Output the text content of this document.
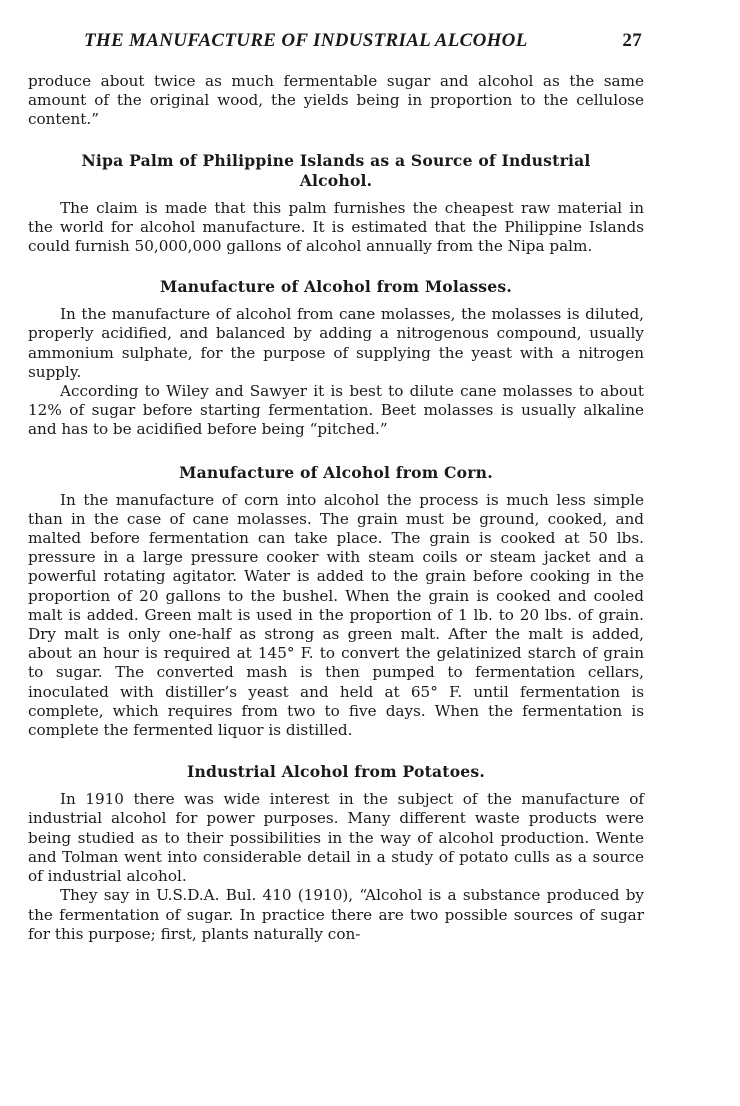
THE MANUFACTURE OF INDUSTRIAL ALCOHOL	27

produce about twice as much fermentable sugar and alcohol as the same amount of the original wood, the yields being in proportion to the cellulose content.”

Nipa Palm of Philippine Islands as a Source of Industrial Alcohol.

The claim is made that this palm furnishes the cheapest raw material in the world for alcohol manufacture. It is estimated that the Philippine Islands could furnish 50,000,000 gallons of alcohol annually from the Nipa palm.

Manufacture of Alcohol from Molasses.

In the manufacture of alcohol from cane molasses, the molasses is diluted, properly acidified, and balanced by adding a nitrogenous compound, usually ammonium sulphate, for the purpose of supplying the yeast with a nitrogen supply.

According to Wiley and Sawyer it is best to dilute cane molasses to about 12% of sugar before starting fermentation. Beet molasses is usually alkaline and has to be acidified before being “pitched.”

Manufacture of Alcohol from Corn.

In the manufacture of corn into alcohol the process is much less simple than in the case of cane molasses. The grain must be ground, cooked, and malted before fermentation can take place. The grain is cooked at 50 lbs. pressure in a large pressure cooker with steam coils or steam jacket and a powerful rotating agitator. Water is added to the grain before cooking in the proportion of 20 gallons to the bushel. When the grain is cooked and cooled malt is added. Green malt is used in the proportion of 1 lb. to 20 lbs. of grain. Dry malt is only one-half as strong as green malt. After the malt is added, about an hour is required at 145° F. to convert the gelatinized starch of grain to sugar. The converted mash is then pumped to fermentation cellars, inoculated with distiller’s yeast and held at 65° F. until fermentation is complete, which requires from two to five days. When the fermentation is complete the fermented liquor is distilled.

Industrial Alcohol from Potatoes.

In 1910 there was wide interest in the subject of the manufacture of industrial alcohol for power purposes. Many different waste products were being studied as to their possibilities in the way of alcohol production. Wente and Tolman went into considerable detail in a study of potato culls as a source of industrial alcohol.

They say in U.S.D.A. Bul. 410 (1910), “Alcohol is a substance produced by the fermentation of sugar. In practice there are two possible sources of sugar for this purpose; first, plants naturally con-
